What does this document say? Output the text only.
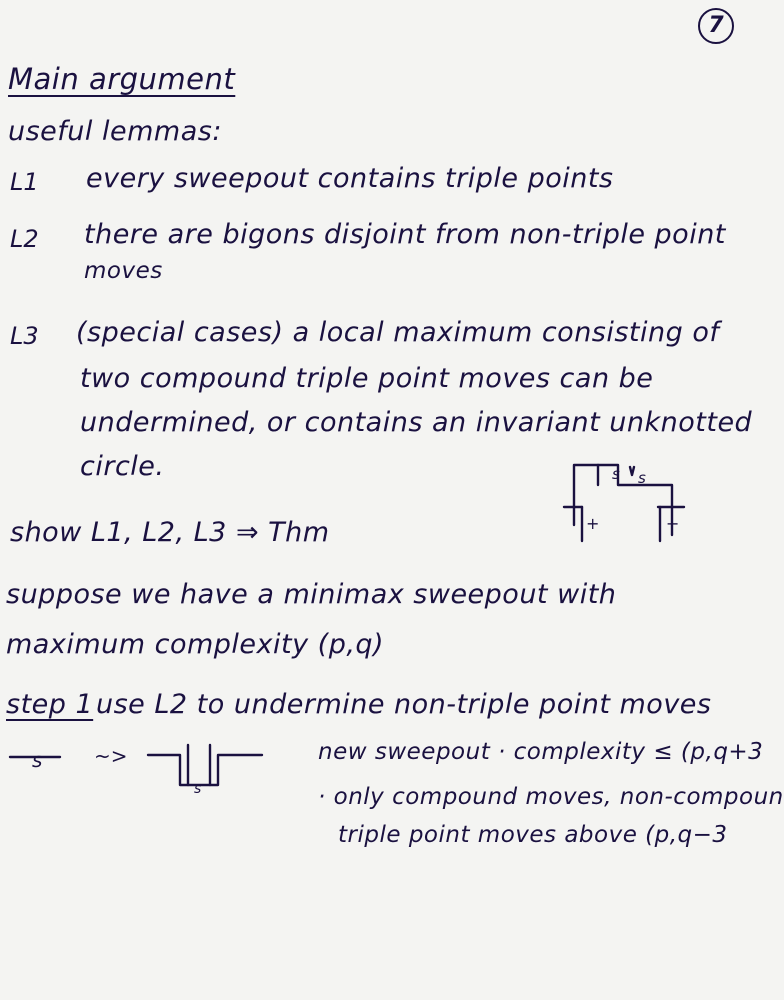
7
Main argument
useful lemmas:
L1 every sweepout contains triple points
L2 there are bigons disjoint from non-triple point
moves
L3 (special cases) a local maximum consisting of
two compound triple point moves can be
undermined, or contains an invariant unknotted
circle.	s s
+	−
show L1, L2, L3 ⇒ Thm
suppose we have a minimax sweepout with
maximum complexity (p,q)
step 1 use L2 to undermine non-triple point moves
s	~>
s
new sweepout · complexity ≤ (p,q+3
· only compound moves, non-compoun
triple point moves above (p,q−3
